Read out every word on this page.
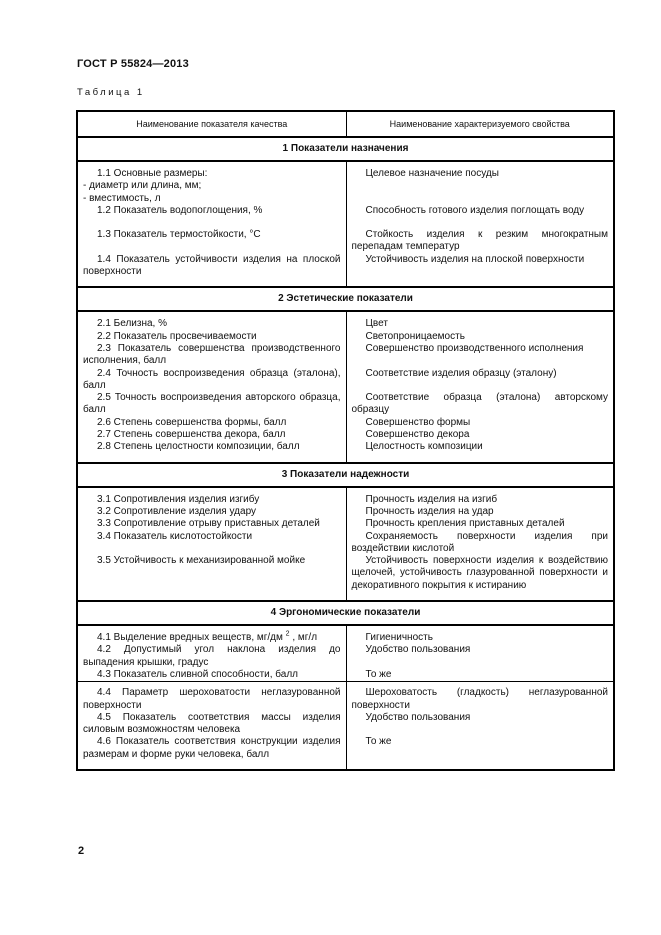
ГОСТ Р 55824—2013
Таблица 1
Наименование показателя качества	Наименование характеризуемого свойства
1 Показатели назначения	

1.1 Основные размеры:

- диаметр или длина, мм;

- вместимость, л	Целевое назначение посуды

1.2 Показатель водопоглощения, %	Способность готового изделия поглощать воду

1.3 Показатель термостойкости, °С	Стойкость изделия к резким многократным перепадам температур

1.4 Показатель устойчивости изделия на плоской поверхности	Устойчивость изделия на плоской поверхности

2 Эстетические показатели	

2.1 Белизна, %	Цвет

2.2 Показатель просвечиваемости	Светопроницаемость

2.3 Показатель совершенства производственного исполнения, балл	Совершенство производственного исполнения

2.4 Точность воспроизведения образца (эталона), балл	Соответствие изделия образцу (эталону)

2.5 Точность воспроизведения авторского образца, балл	Соответствие образца (эталона) авторскому образцу

2.6 Степень совершенства формы, балл	Совершенство формы

2.7 Степень совершенства декора, балл	Совершенство декора

2.8 Степень целостности композиции, балл	Целостность композиции

3 Показатели надежности	

3.1 Сопротивления изделия изгибу	Прочность изделия на изгиб

3.2 Сопротивление изделия удару	Прочность изделия на удар

3.3 Сопротивление отрыву приставных деталей	Прочность крепления приставных деталей

3.4 Показатель кислотостойкости	Сохраняемость поверхности изделия при воздействии кислотой

3.5 Устойчивость к механизированной мойке	Устойчивость поверхности изделия к воздействию щелочей, устойчивость глазурованной поверхности и декоративного покрытия к истиранию

4 Эргономические показатели	

4.1 Выделение вредных веществ, мг/дм $^2$ , мг/л	Гигиеничность

4.2 Допустимый угол наклона изделия до выпадения крышки, градус	Удобство пользования

4.3 Показатель сливной способности, балл	То же

4.4 Параметр шероховатости неглазурованной поверхности	Шероховатость (гладкость) неглазурованной поверхности

4.5 Показатель соответствия массы изделия силовым возможностям человека	Удобство пользования

4.6 Показатель соответствия конструкции изделия размерам и форме руки человека, балл	То же

2
